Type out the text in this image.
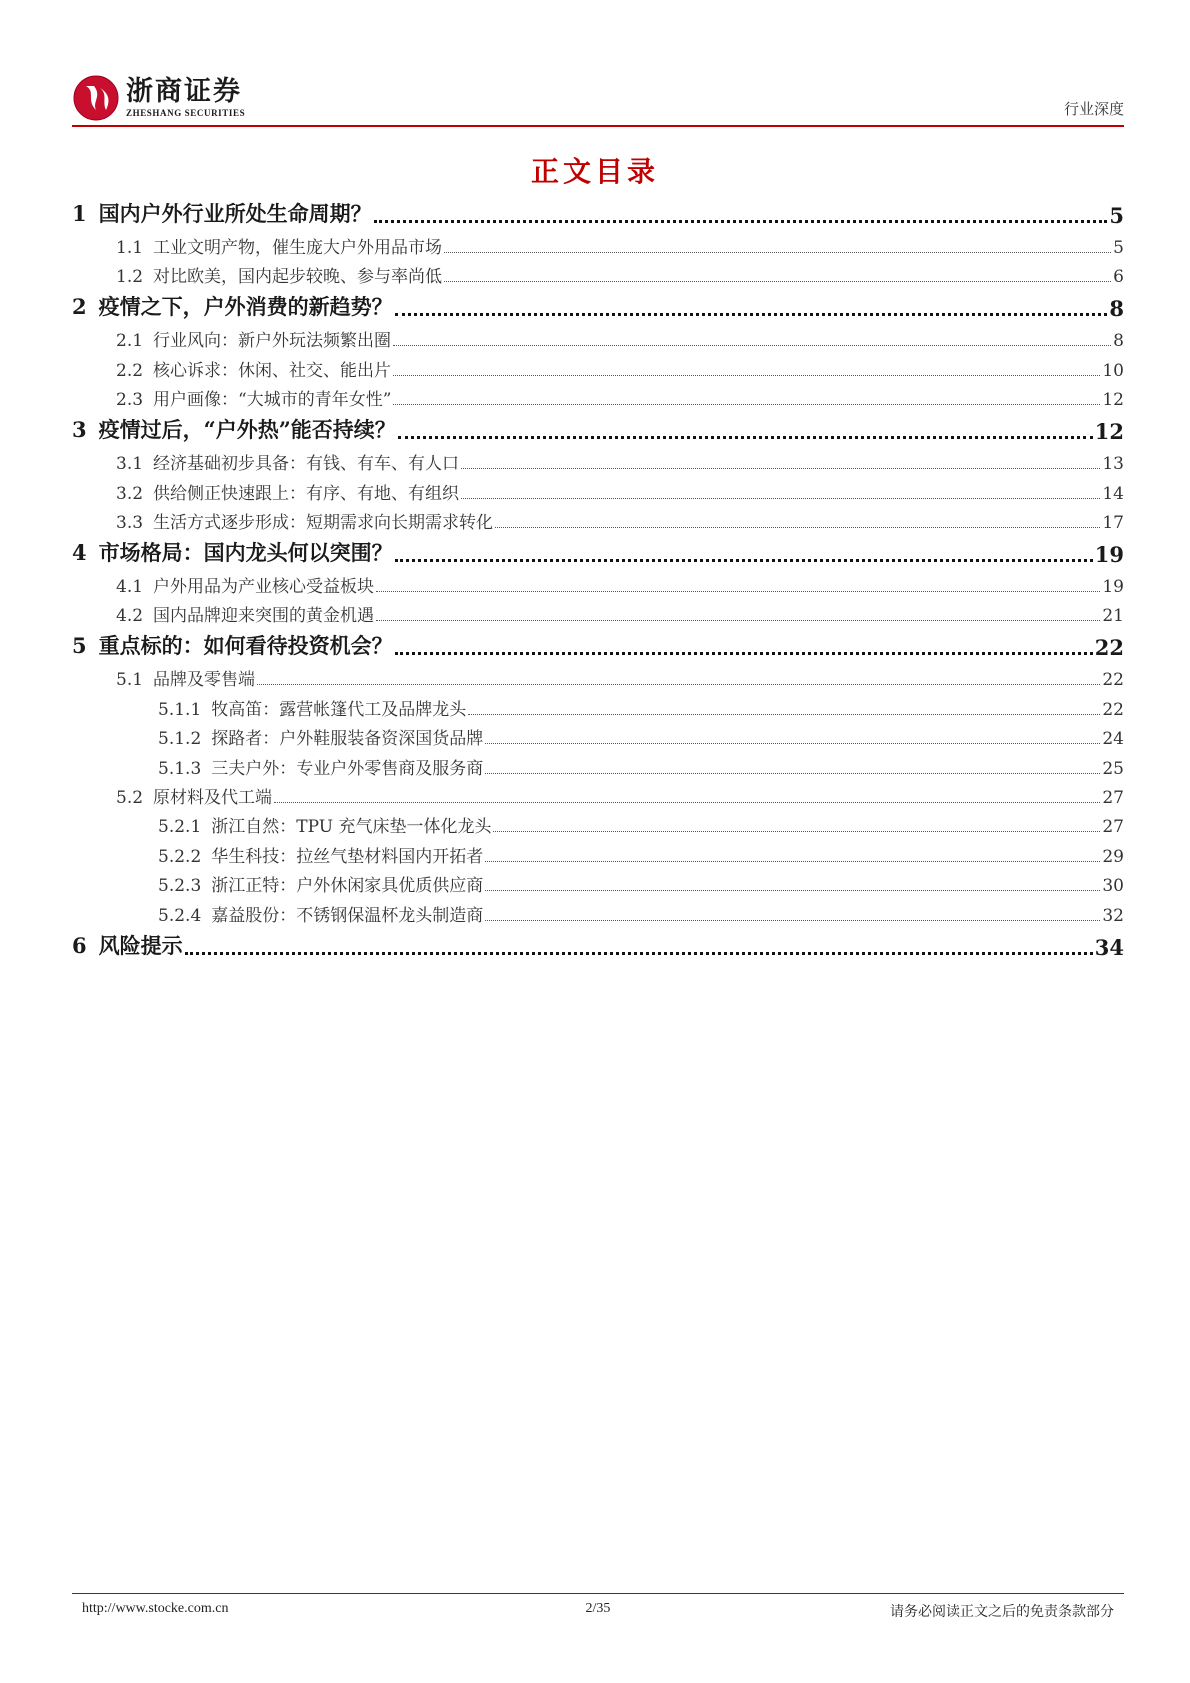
浙商证券
ZHESHANG SECURITIES	行业深度
正文目录
1 国内户外行业所处生命周期？	5
1.1 工业文明产物，催生庞大户外用品市场	5
1.2 对比欧美，国内起步较晚、参与率尚低	6
2 疫情之下，户外消费的新趋势？	8
2.1 行业风向：新户外玩法频繁出圈	8
2.2 核心诉求：休闲、社交、能出片	10
2.3 用户画像：“大城市的青年女性”	12
3 疫情过后，“户外热”能否持续？	12
3.1 经济基础初步具备：有钱、有车、有人口	13
3.2 供给侧正快速跟上：有序、有地、有组织	14
3.3 生活方式逐步形成：短期需求向长期需求转化	17
4 市场格局：国内龙头何以突围？	19
4.1 户外用品为产业核心受益板块	19
4.2 国内品牌迎来突围的黄金机遇	21
5 重点标的：如何看待投资机会？	22
5.1 品牌及零售端	22
5.1.1 牧高笛：露营帐篷代工及品牌龙头	22
5.1.2 探路者：户外鞋服装备资深国货品牌	24
5.1.3 三夫户外：专业户外零售商及服务商	25
5.2 原材料及代工端	27
5.2.1 浙江自然：TPU 充气床垫一体化龙头	27
5.2.2 华生科技：拉丝气垫材料国内开拓者	29
5.2.3 浙江正特：户外休闲家具优质供应商	30
5.2.4 嘉益股份：不锈钢保温杯龙头制造商	32
6 风险提示	34
http://www.stocke.com.cn	2/35	请务必阅读正文之后的免责条款部分
